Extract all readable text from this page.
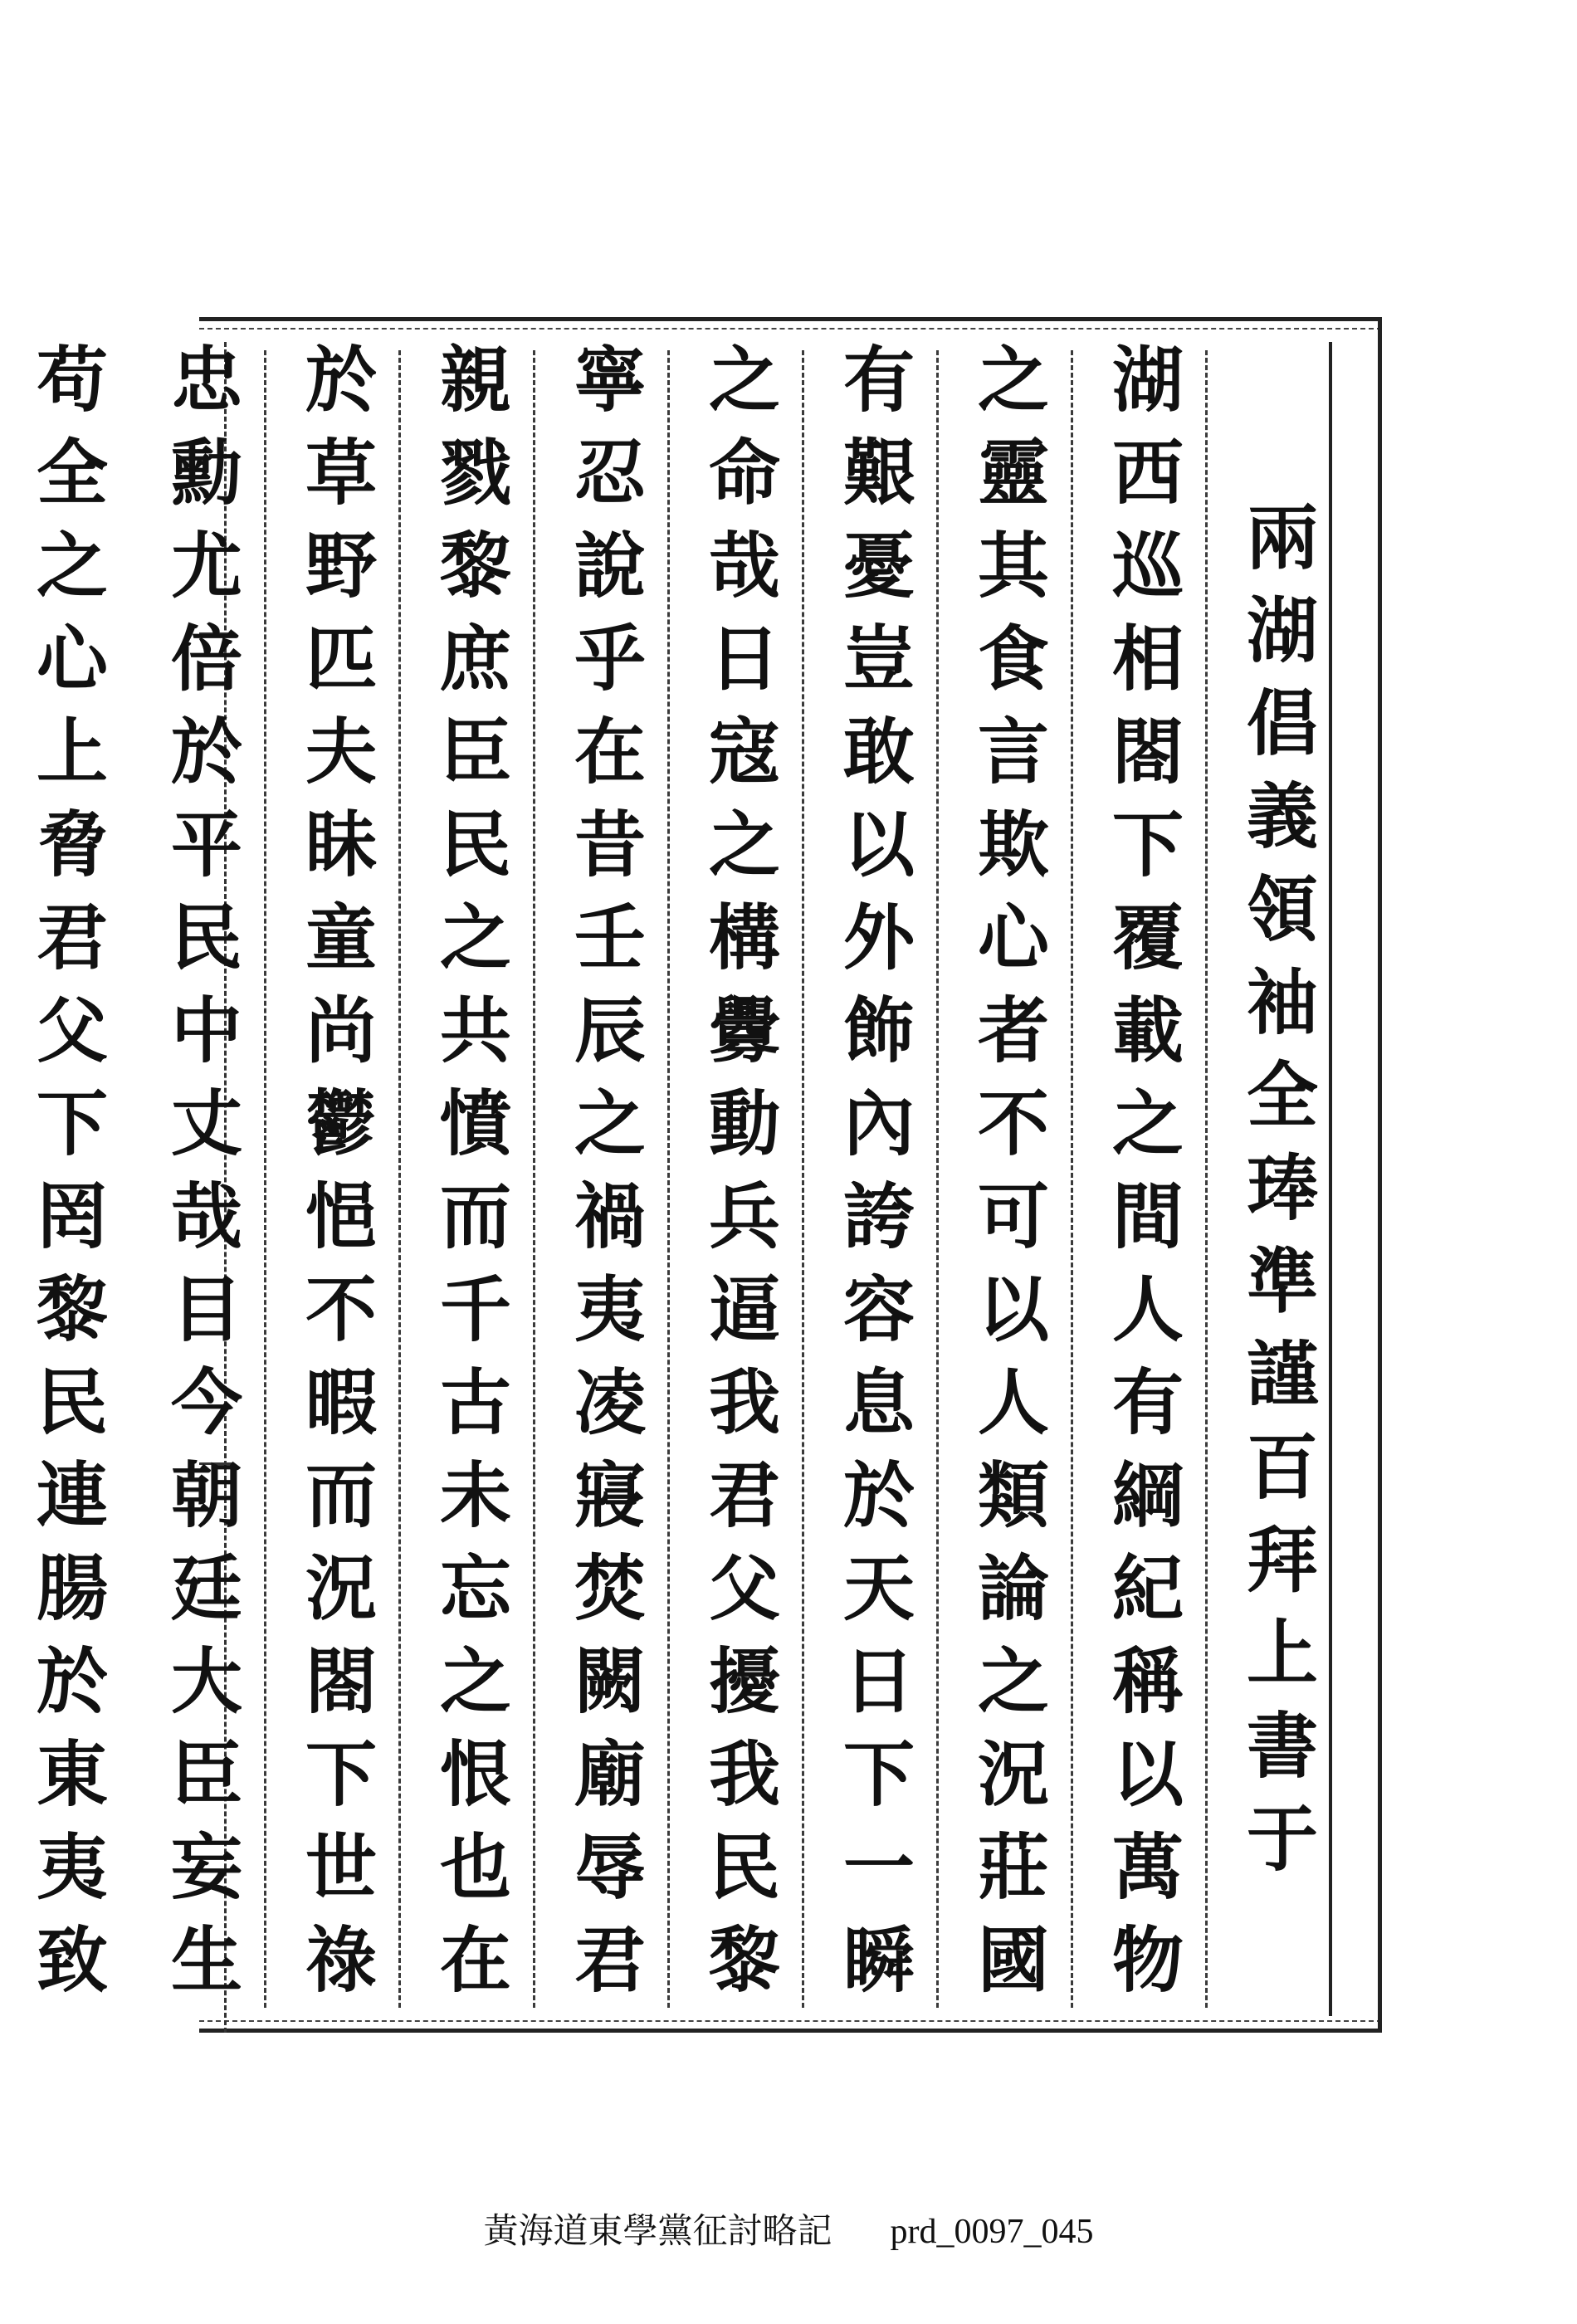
兩湖倡義領袖全琫準謹百拜上書于
湖西巡相閤下覆載之間人有綱紀稱以萬物
之靈其食言欺心者不可以人類論之況莊國
有艱憂豈敢以外飾內誇容息於天日下一瞬
之命哉日寇之構釁動兵逼我君父擾我民黎
寧忍說乎在昔壬辰之禍夷凌寢焚闕廟辱君
親戮黎庶臣民之共憤而千古未忘之恨也在
於草野匹夫眛童尚鬱悒不暇而況閤下世祿
忠勳尤倍於平民中丈哉目今朝廷大臣妄生
苟全之心上脅君父下罔黎民連腸於東夷致
黃海道東學黨征討略記 prd_0097_045
